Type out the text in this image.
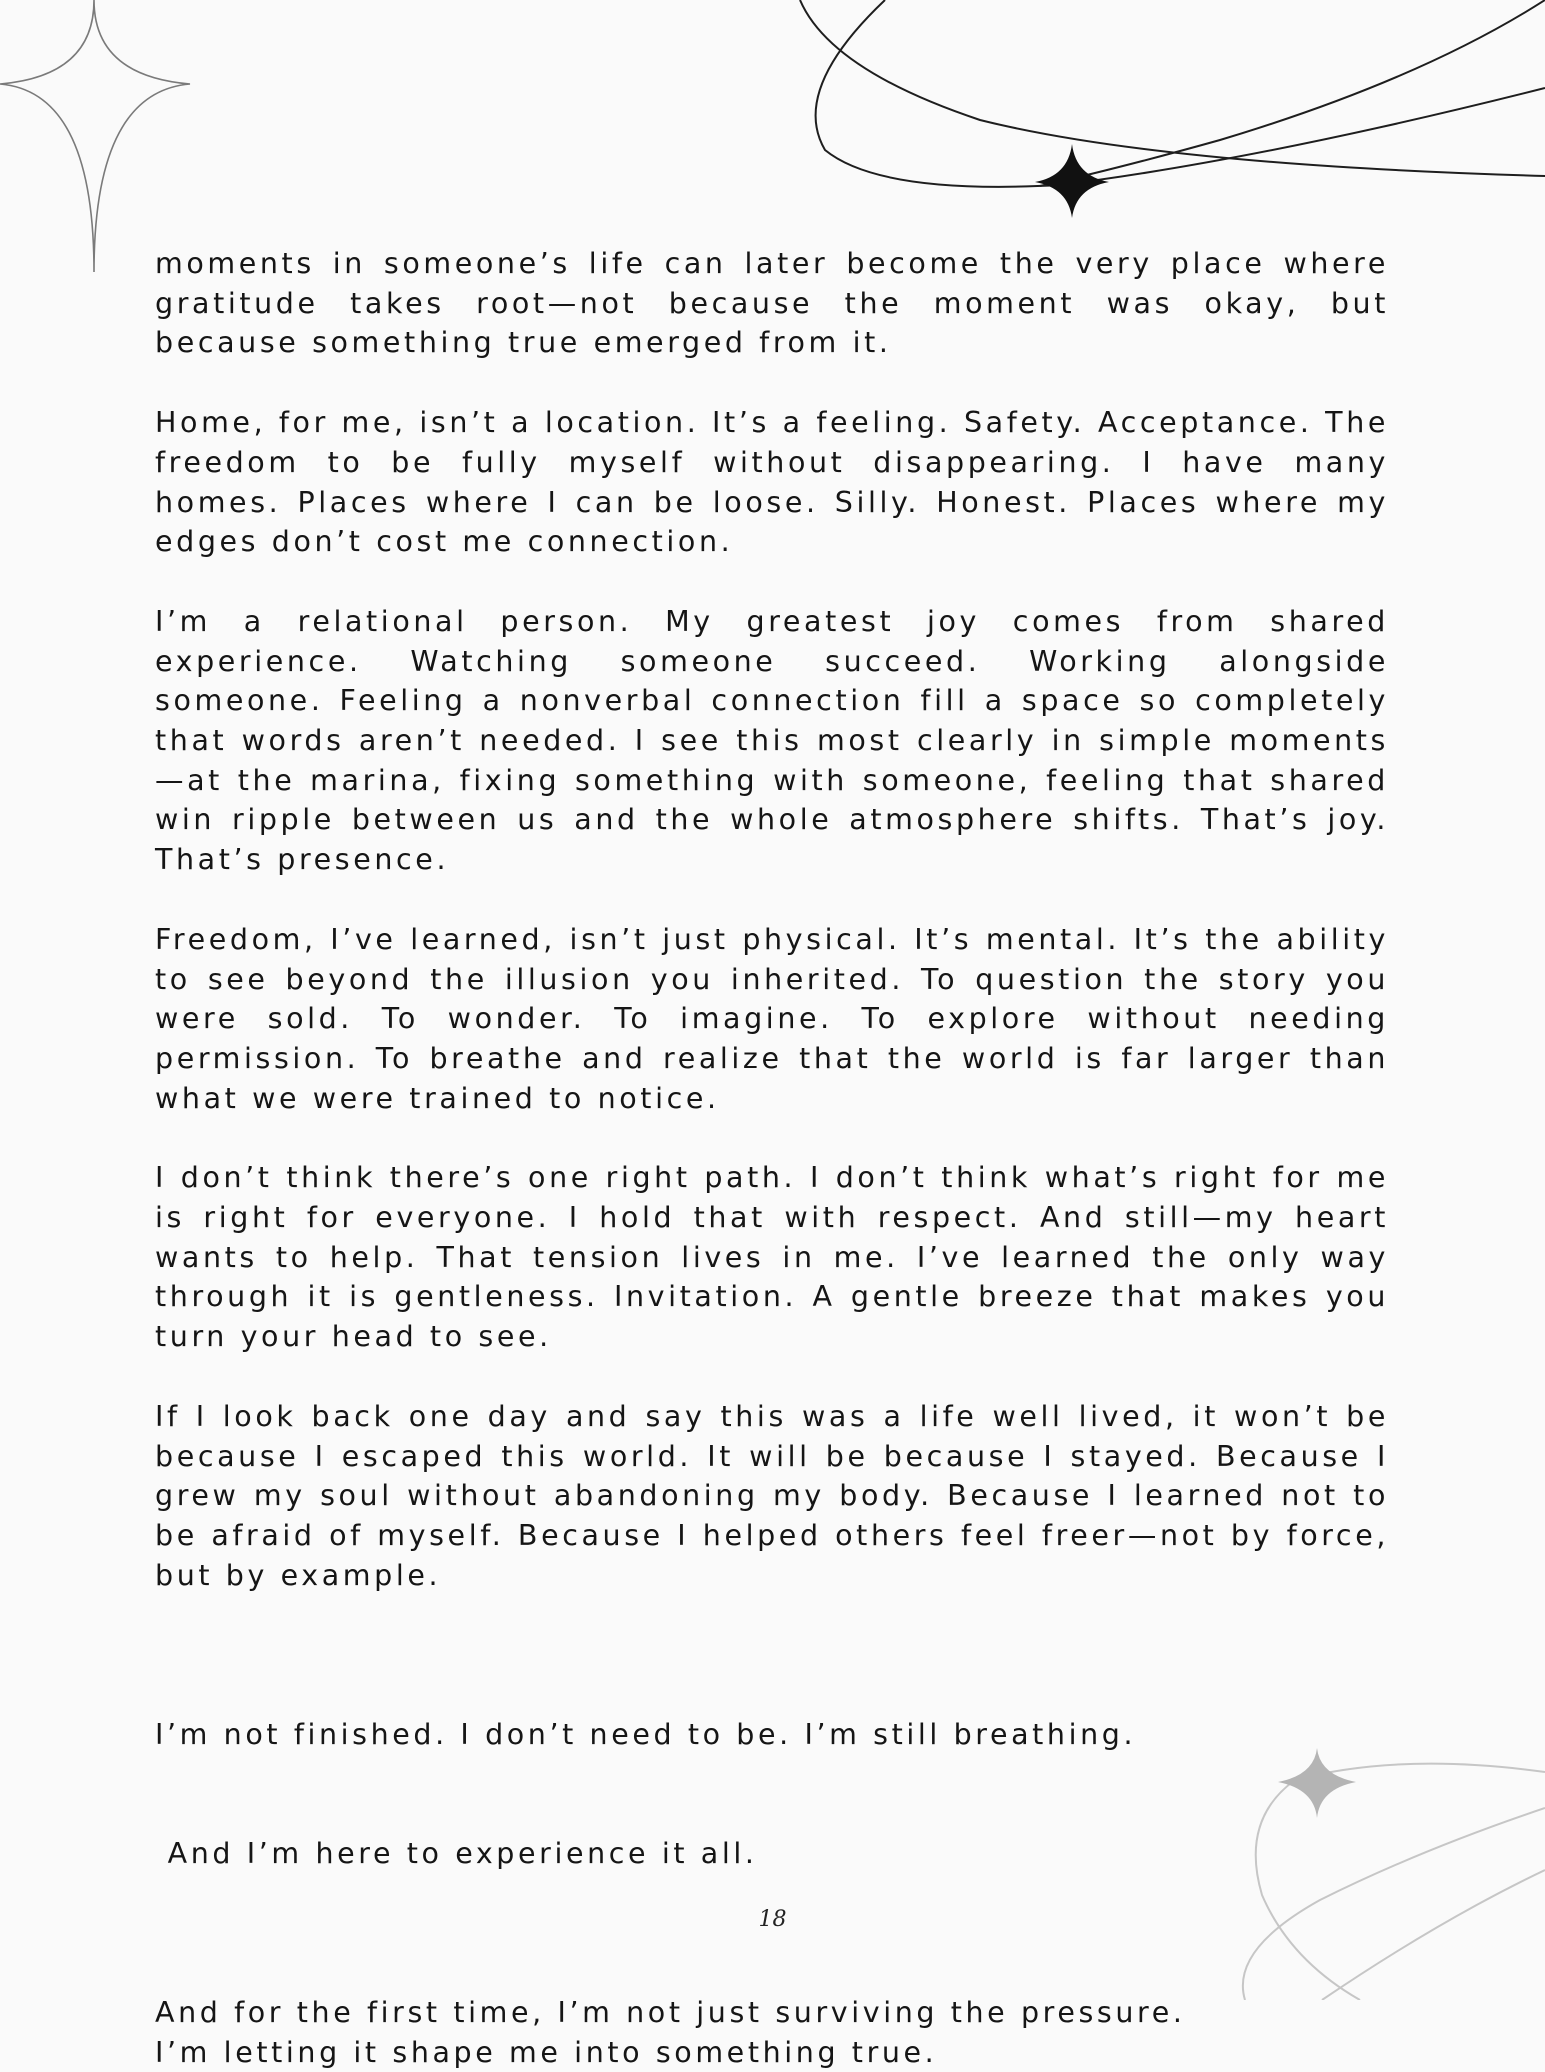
moments in someone’s life can later become the very place where gratitude takes root—not because the moment was okay, but because something true emerged from it.

Home, for me, isn’t a location. It’s a feeling. Safety. Acceptance. The freedom to be fully myself without disappearing. I have many homes. Places where I can be loose. Silly. Honest. Places where my edges don’t cost me connection.

I’m a relational person. My greatest joy comes from shared experience. Watching someone succeed. Working alongside someone. Feeling a nonverbal connection fill a space so completely that words aren’t needed. I see this most clearly in simple moments—at the marina, fixing something with someone, feeling that shared win ripple between us and the whole atmosphere shifts. That’s joy. That’s presence.

Freedom, I’ve learned, isn’t just physical. It’s mental. It’s the ability to see beyond the illusion you inherited. To question the story you were sold. To wonder. To imagine. To explore without needing permission. To breathe and realize that the world is far larger than what we were trained to notice.

I don’t think there’s one right path. I don’t think what’s right for me is right for everyone. I hold that with respect. And still—my heart wants to help. That tension lives in me. I’ve learned the only way through it is gentleness. Invitation. A gentle breeze that makes you turn your head to see.

If I look back one day and say this was a life well lived, it won’t be because I escaped this world. It will be because I stayed. Because I grew my soul without abandoning my body. Because I learned not to be afraid of myself. Because I helped others feel freer—not by force, but by example.

I’m not finished. I don’t need to be. I’m still breathing.

And I’m here to experience it all.

And for the first time, I’m not just surviving the pressure.
I’m letting it shape me into something true.

18
